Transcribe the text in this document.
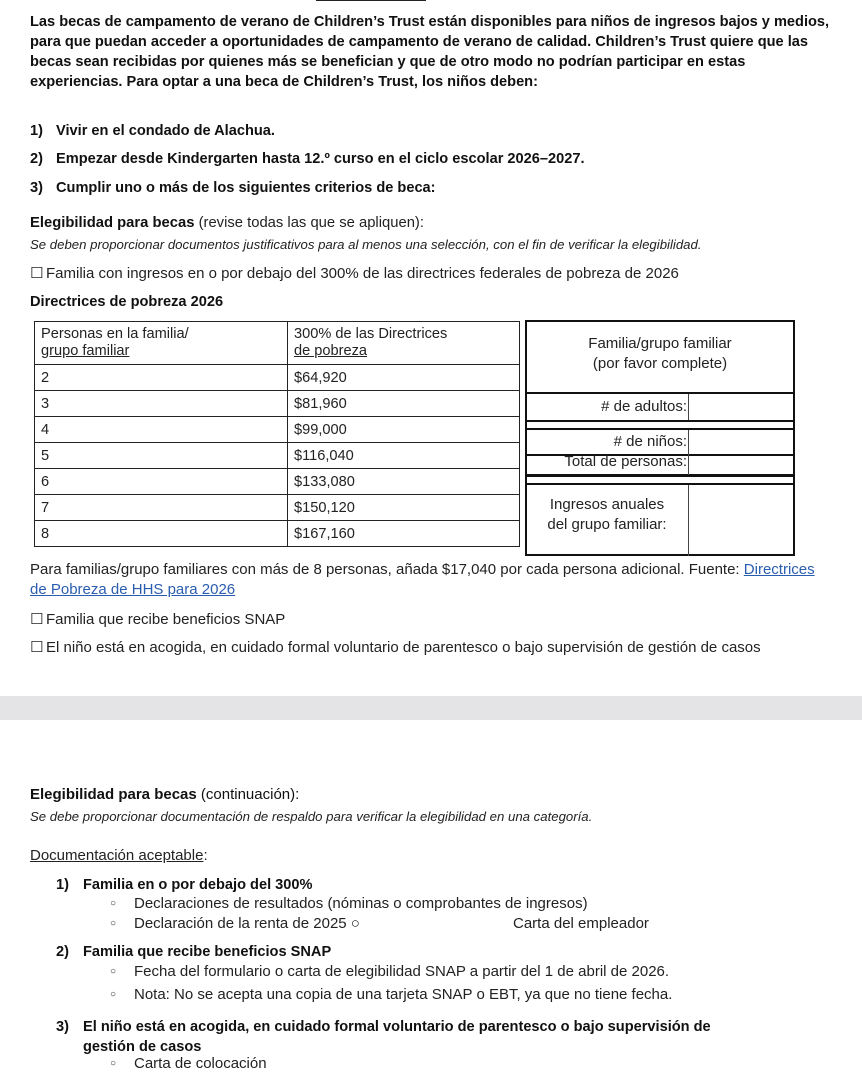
Las becas de campamento de verano de Children’s Trust están disponibles para niños de ingresos bajos y medios, para que puedan acceder a oportunidades de campamento de verano de calidad. Children’s Trust quiere que las becas sean recibidas por quienes más se benefician y que de otro modo no podrían participar en estas experiencias. Para optar a una beca de Children’s Trust, los niños deben:
1) Vivir en el condado de Alachua.
2) Empezar desde Kindergarten hasta 12.º curso en el ciclo escolar 2026–2027.
3) Cumplir uno o más de los siguientes criterios de beca:
Elegibilidad para becas (revise todas las que se apliquen):
Se deben proporcionar documentos justificativos para al menos una selección, con el fin de verificar la elegibilidad.
☐ Familia con ingresos en o por debajo del 300% de las directrices federales de pobreza de 2026
Directrices de pobreza 2026
Personas en la familia/
grupo familiar	300% de las Directrices
de pobreza
2	$64,920
3	$81,960
4	$99,000
5	$116,040
6	$133,080
7	$150,120
8	$167,160
Familia/grupo familiar
(por favor complete)
# de adultos:
# de niños:
Total de personas:
Ingresos anuales
del grupo familiar:
Para familias/grupo familiares con más de 8 personas, añada $17,040 por cada persona adicional. Fuente: Directrices de Pobreza de HHS para 2026
☐ Familia que recibe beneficios SNAP
☐ El niño está en acogida, en cuidado formal voluntario de parentesco o bajo supervisión de gestión de casos
Elegibilidad para becas (continuación):
Se debe proporcionar documentación de respaldo para verificar la elegibilidad en una categoría.
Documentación aceptable:
1) Familia en o por debajo del 300%
○ Declaraciones de resultados (nóminas o comprobantes de ingresos)
○ Declaración de la renta de 2025 ○	Carta del empleador
2) Familia que recibe beneficios SNAP
○ Fecha del formulario o carta de elegibilidad SNAP a partir del 1 de abril de 2026.
○ Nota: No se acepta una copia de una tarjeta SNAP o EBT, ya que no tiene fecha.
3) El niño está en acogida, en cuidado formal voluntario de parentesco o bajo supervisión de
gestión de casos
○ Carta de colocación
